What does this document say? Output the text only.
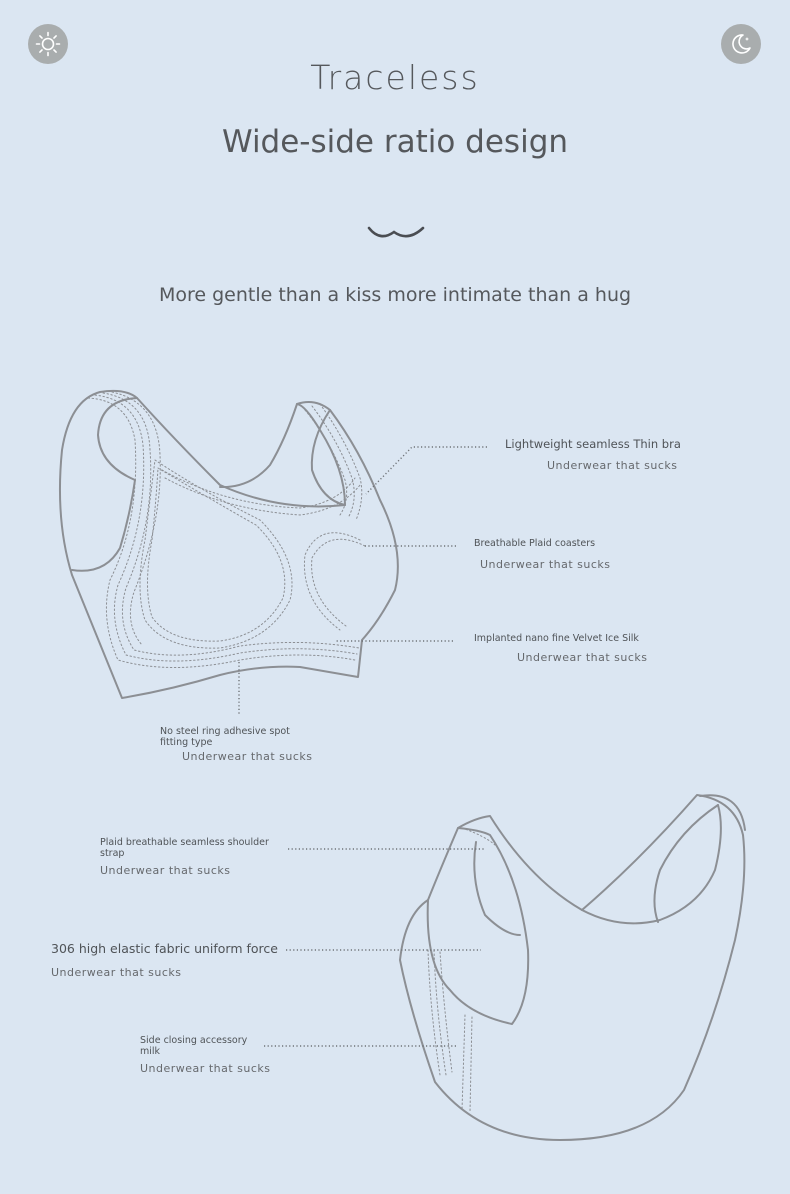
Traceless
Wide-side ratio design
More gentle than a kiss more intimate than a hug
Lightweight seamless Thin bra
Underwear that sucks
Breathable Plaid coasters
Underwear that sucks
Implanted nano fine Velvet Ice Silk
Underwear that sucks
No steel ring adhesive spot fitting type
Underwear that sucks
Plaid breathable seamless shoulder strap
Underwear that sucks
306 high elastic fabric uniform force
Underwear that sucks
Side closing accessory milk
Underwear that sucks
